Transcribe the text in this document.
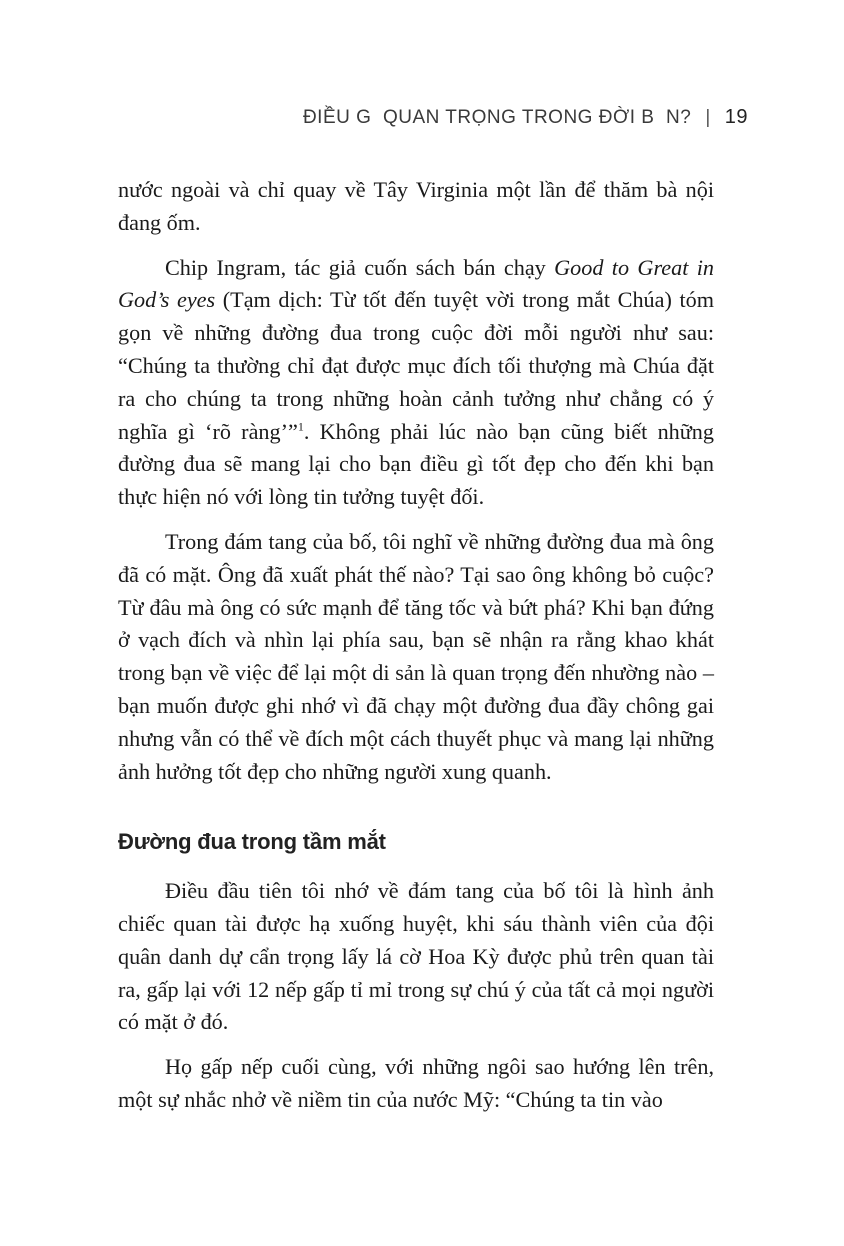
ĐIỀU G  QUAN TRỌNG TRONG ĐỜI B  N? | 19

nước ngoài và chỉ quay về Tây Virginia một lần để thăm bà nội đang ốm.

Chip Ingram, tác giả cuốn sách bán chạy Good to Great in God’s eyes (Tạm dịch: Từ tốt đến tuyệt vời trong mắt Chúa) tóm gọn về những đường đua trong cuộc đời mỗi người như sau: “Chúng ta thường chỉ đạt được mục đích tối thượng mà Chúa đặt ra cho chúng ta trong những hoàn cảnh tưởng như chẳng có ý nghĩa gì ‘rõ ràng’”$^1$. Không phải lúc nào bạn cũng biết những đường đua sẽ mang lại cho bạn điều gì tốt đẹp cho đến khi bạn thực hiện nó với lòng tin tưởng tuyệt đối.

Trong đám tang của bố, tôi nghĩ về những đường đua mà ông đã có mặt. Ông đã xuất phát thế nào? Tại sao ông không bỏ cuộc? Từ đâu mà ông có sức mạnh để tăng tốc và bứt phá? Khi bạn đứng ở vạch đích và nhìn lại phía sau, bạn sẽ nhận ra rằng khao khát trong bạn về việc để lại một di sản là quan trọng đến nhường nào – bạn muốn được ghi nhớ vì đã chạy một đường đua đầy chông gai nhưng vẫn có thể về đích một cách thuyết phục và mang lại những ảnh hưởng tốt đẹp cho những người xung quanh.

Đường đua trong tầm mắt

Điều đầu tiên tôi nhớ về đám tang của bố tôi là hình ảnh chiếc quan tài được hạ xuống huyệt, khi sáu thành viên của đội quân danh dự cẩn trọng lấy lá cờ Hoa Kỳ được phủ trên quan tài ra, gấp lại với 12 nếp gấp tỉ mỉ trong sự chú ý của tất cả mọi người có mặt ở đó.

Họ gấp nếp cuối cùng, với những ngôi sao hướng lên trên, một sự nhắc nhở về niềm tin của nước Mỹ: “Chúng ta tin vào
